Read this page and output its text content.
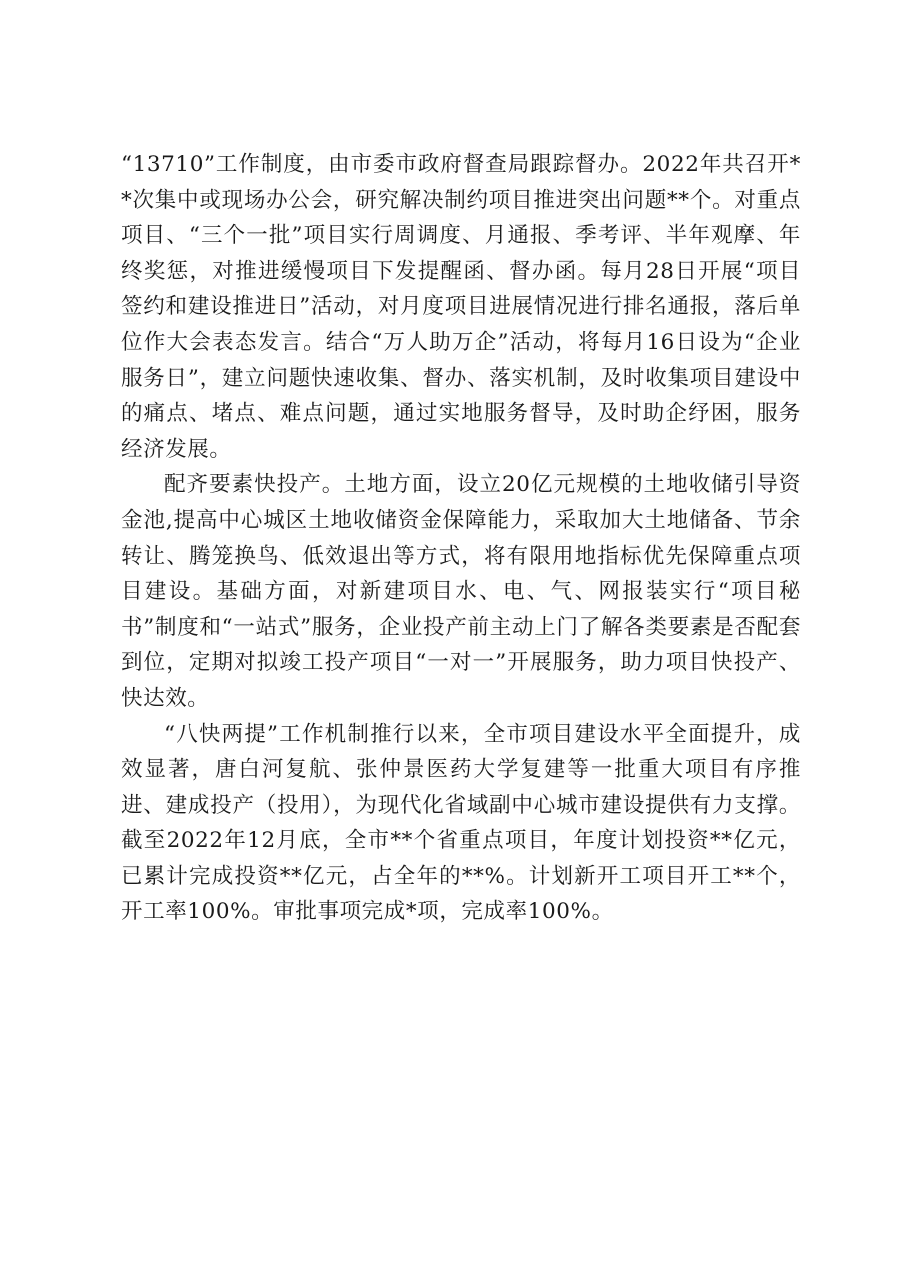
“13710”工作制度，由市委市政府督查局跟踪督办。2022年共召开**次集中或现场办公会，研究解决制约项目推进突出问题**个。对重点项目、“三个一批”项目实行周调度、月通报、季考评、半年观摩、年终奖惩，对推进缓慢项目下发提醒函、督办函。每月28日开展“项目签约和建设推进日”活动，对月度项目进展情况进行排名通报，落后单位作大会表态发言。结合“万人助万企”活动，将每月16日设为“企业服务日”，建立问题快速收集、督办、落实机制，及时收集项目建设中的痛点、堵点、难点问题，通过实地服务督导，及时助企纾困，服务经济发展。

配齐要素快投产。土地方面，设立20亿元规模的土地收储引导资金池,提高中心城区土地收储资金保障能力，采取加大土地储备、节余转让、腾笼换鸟、低效退出等方式，将有限用地指标优先保障重点项目建设。基础方面，对新建项目水、电、气、网报装实行“项目秘书”制度和“一站式”服务，企业投产前主动上门了解各类要素是否配套到位，定期对拟竣工投产项目“一对一”开展服务，助力项目快投产、快达效。

“八快两提”工作机制推行以来，全市项目建设水平全面提升，成效显著，唐白河复航、张仲景医药大学复建等一批重大项目有序推进、建成投产（投用），为现代化省域副中心城市建设提供有力支撑。截至2022年12月底，全市**个省重点项目，年度计划投资**亿元，已累计完成投资**亿元，占全年的**%。计划新开工项目开工**个，开工率100%。审批事项完成*项，完成率100%。
